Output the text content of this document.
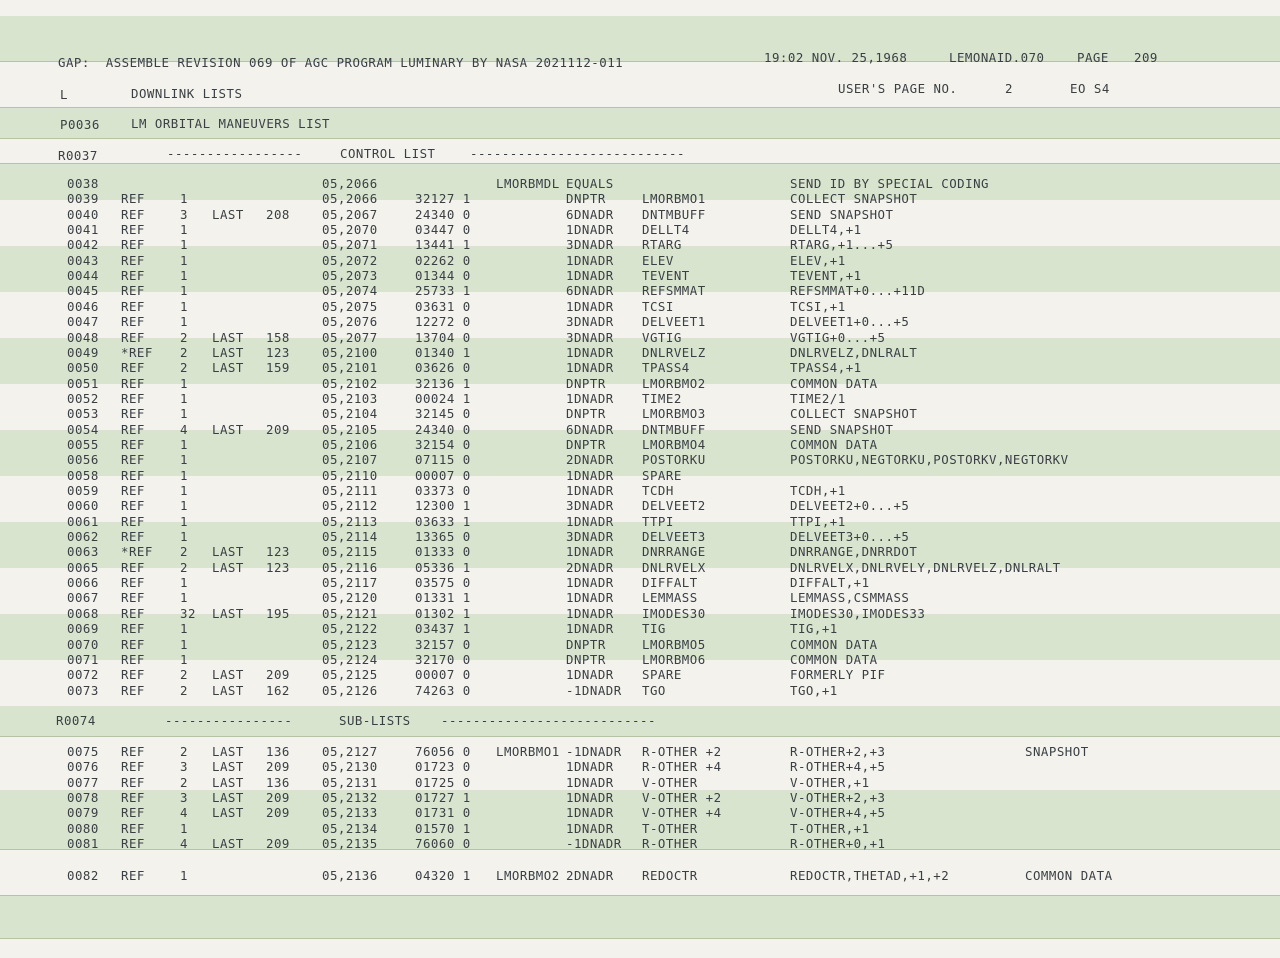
GAP:  ASSEMBLE REVISION 069 OF AGC PROGRAM LUMINARY BY NASA 2021112-011	19:02 NOV. 25,1968	LEMONAID.070	PAGE 209
L	DOWNLINK LISTS	USER'S PAGE NO.	2	EO S4
P0036	LM ORBITAL MANEUVERS LIST
R0037	-----------------	CONTROL LIST	---------------------------
0038	05,2066	LMORBMDL EQUALS	SEND ID BY SPECIAL CODING
0039 REF	1	05,2066	32127 1	DNPTR	LMORBMO1	COLLECT SNAPSHOT
0040 REF	3 LAST 208	05,2067	24340 0	6DNADR DNTMBUFF	SEND SNAPSHOT
0041 REF	1	05,2070	03447 0	1DNADR DELLT4	DELLT4,+1
0042 REF	1	05,2071	13441 1	3DNADR RTARG	RTARG,+1...+5
0043 REF	1	05,2072	02262 0	1DNADR ELEV	ELEV,+1
0044 REF	1	05,2073	01344 0	1DNADR TEVENT	TEVENT,+1
0045 REF	1	05,2074	25733 1	6DNADR REFSMMAT	REFSMMAT+0...+11D
0046 REF	1	05,2075	03631 0	1DNADR TCSI	TCSI,+1
0047 REF	1	05,2076	12272 0	3DNADR DELVEET1	DELVEET1+0...+5
0048 REF	2 LAST 158	05,2077	13704 0	3DNADR VGTIG	VGTIG+0...+5
0049 *REF 2 LAST 123	05,2100	01340 1	1DNADR DNLRVELZ	DNLRVELZ,DNLRALT
0050 REF	2 LAST 159	05,2101	03626 0	1DNADR TPASS4	TPASS4,+1
0051 REF	1	05,2102	32136 1	DNPTR	LMORBMO2	COMMON DATA
0052 REF	1	05,2103	00024 1	1DNADR TIME2	TIME2/1
0053 REF	1	05,2104	32145 0	DNPTR	LMORBMO3	COLLECT SNAPSHOT
0054 REF	4 LAST 209	05,2105	24340 0	6DNADR DNTMBUFF	SEND SNAPSHOT
0055 REF	1	05,2106	32154 0	DNPTR	LMORBMO4	COMMON DATA
0056 REF	1	05,2107	07115 0	2DNADR POSTORKU	POSTORKU,NEGTORKU,POSTORKV,NEGTORKV
0058 REF	1	05,2110	00007 0	1DNADR SPARE
0059 REF	1	05,2111	03373 0	1DNADR TCDH	TCDH,+1
0060 REF	1	05,2112	12300 1	3DNADR DELVEET2	DELVEET2+0...+5
0061 REF	1	05,2113	03633 1	1DNADR TTPI	TTPI,+1
0062 REF	1	05,2114	13365 0	3DNADR DELVEET3	DELVEET3+0...+5
0063 *REF 2 LAST 123	05,2115	01333 0	1DNADR DNRRANGE	DNRRANGE,DNRRDOT
0065 REF	2 LAST 123	05,2116	05336 1	2DNADR DNLRVELX	DNLRVELX,DNLRVELY,DNLRVELZ,DNLRALT
0066 REF	1	05,2117	03575 0	1DNADR DIFFALT	DIFFALT,+1
0067 REF	1	05,2120	01331 1	1DNADR LEMMASS	LEMMASS,CSMMASS
0068 REF	32 LAST 195	05,2121	01302 1	1DNADR IMODES30	IMODES30,IMODES33
0069 REF	1	05,2122	03437 1	1DNADR TIG	TIG,+1
0070 REF	1	05,2123	32157 0	DNPTR	LMORBMO5	COMMON DATA
0071 REF	1	05,2124	32170 0	DNPTR	LMORBMO6	COMMON DATA
0072 REF	2 LAST 209	05,2125	00007 0	1DNADR SPARE	FORMERLY PIF
0073 REF	2 LAST 162	05,2126	74263 0	-1DNADR TGO	TGO,+1
R0074	----------------	SUB-LISTS ---------------------------
0075 REF	2 LAST 136	05,2127	76056 0 LMORBMO1 -1DNADR R-OTHER +2	R-OTHER+2,+3	SNAPSHOT
0076 REF	3 LAST 209	05,2130	01723 0	1DNADR R-OTHER +4	R-OTHER+4,+5
0077 REF	2 LAST 136	05,2131	01725 0	1DNADR V-OTHER	V-OTHER,+1
0078 REF	3 LAST 209	05,2132	01727 1	1DNADR V-OTHER +2	V-OTHER+2,+3
0079 REF	4 LAST 209	05,2133	01731 0	1DNADR V-OTHER +4	V-OTHER+4,+5
0080 REF	1	05,2134	01570 1	1DNADR T-OTHER	T-OTHER,+1
0081 REF	4 LAST 209	05,2135	76060 0	-1DNADR R-OTHER	R-OTHER+0,+1
0082 REF	1	05,2136	04320 1 LMORBMO2 2DNADR REDOCTR	REDOCTR,THETAD,+1,+2	COMMON DATA
